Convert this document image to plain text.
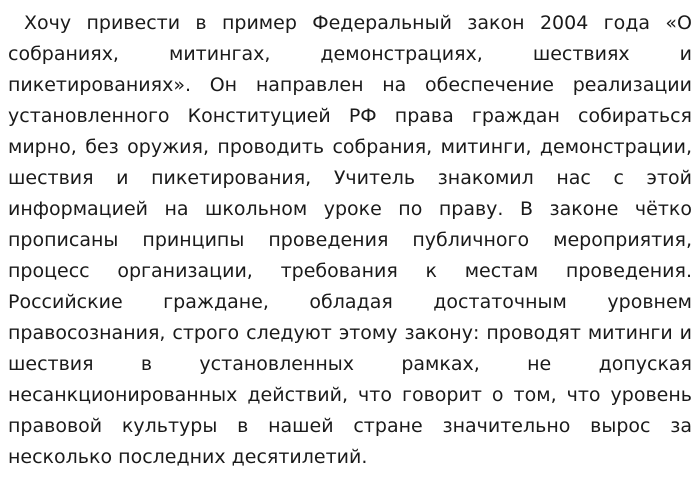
Хочу привести в пример Федеральный закон 2004 года «О собраниях, митингах, демонстрациях, шествиях и пикетированиях». Он направлен на обеспечение реализации установленного Конституцией РФ права граждан собираться мирно, без оружия, проводить собрания, митинги, демонстрации, шествия и пикетирования, Учитель знакомил нас с этой информацией на школьном уроке по праву. В законе чётко прописаны принципы проведения публичного мероприятия, процесс организации, требования к местам проведения. Российские граждане, обладая достаточным уровнем правосознания, строго следуют этому закону: проводят митинги и шествия в установленных рамках, не допуская несанкционированных действий, что говорит о том, что уровень правовой культуры в нашей стране значительно вырос за несколько последних десятилетий.
